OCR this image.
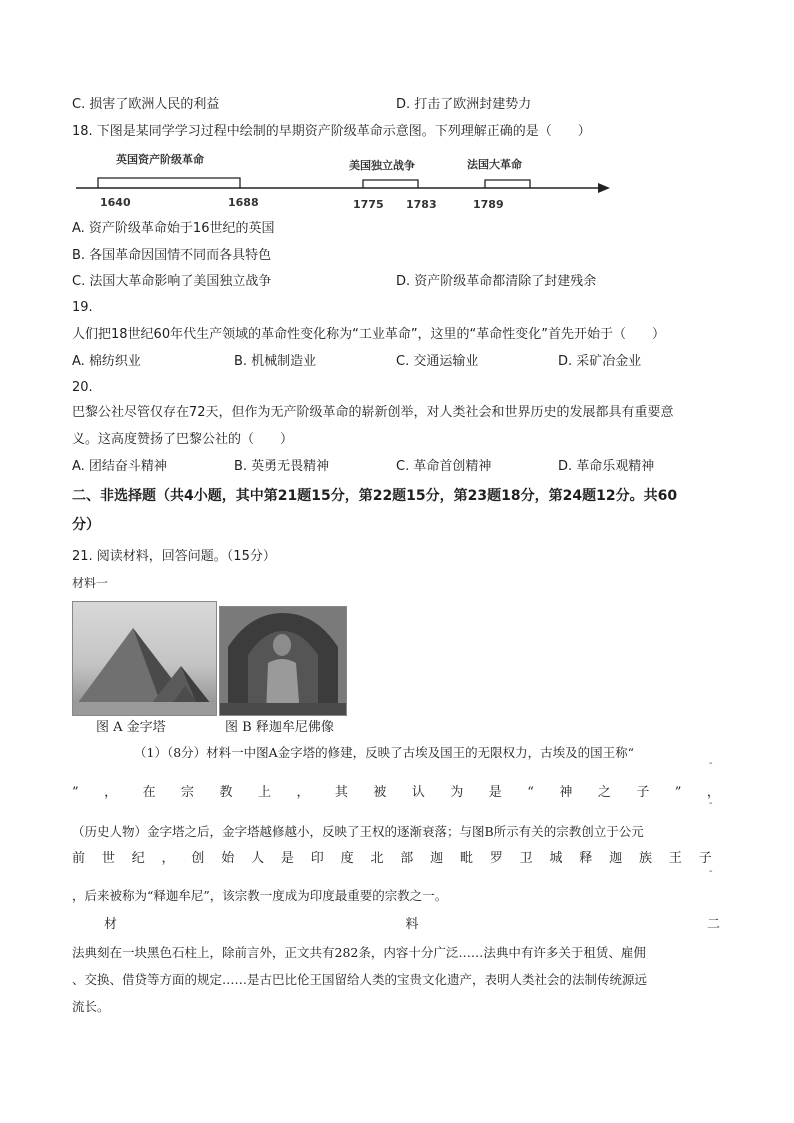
C. 损害了欧洲人民的利益	D. 打击了欧洲封建势力
18. 下图是某同学学习过程中绘制的早期资产阶级革命示意图。下列理解正确的是（　　）
英国资产阶级革命
1640	1688
美国独立战争
1775 1783
法国大革命
1789
A. 资产阶级革命始于16世纪的英国
B. 各国革命因国情不同而各具特色
C. 法国大革命影响了美国独立战争	D. 资产阶级革命都清除了封建残余
19.
人们把18世纪60年代生产领域的革命性变化称为“工业革命”，这里的“革命性变化”首先开始于（　　）
A. 棉纺织业	B. 机械制造业	C. 交通运输业	D. 采矿冶金业
20.
巴黎公社尽管仅存在72天，但作为无产阶级革命的崭新创举，对人类社会和世界历史的发展都具有重要意
义。这高度赞扬了巴黎公社的（　　）
A. 团结奋斗精神	B. 英勇无畏精神	C. 革命首创精神	D. 革命乐观精神
二、非选择题（共4小题，其中第21题15分，第22题15分，第23题18分，第24题12分。共60
分）
21. 阅读材料，回答问题。（15分）
材料一
图 A 金字塔	图 B 释迦牟尼佛像
（1）（8分）材料一中图A金字塔的修建，反映了古埃及国王的无限权力，古埃及的国王称“
-
” ， 在 宗 教 上 ， 其 被 认 为 是 “ 神 之 子 ” ，
-
（历史人物）金字塔之后，金字塔越修越小，反映了王权的逐渐衰落；与图B所示有关的宗教创立于公元
前 世 纪 ， 创 始 人 是 印 度 北 部 迦 毗 罗 卫 城 释 迦 族 王 子
-
，后来被称为“释迦牟尼”，该宗教一度成为印度最重要的宗教之一。
材	料	二
法典刻在一块黑色石柱上，除前言外，正文共有282条，内容十分广泛……法典中有许多关于租赁、雇佣
、交换、借贷等方面的规定……是古巴比伦王国留给人类的宝贵文化遗产，表明人类社会的法制传统源远
流长。
